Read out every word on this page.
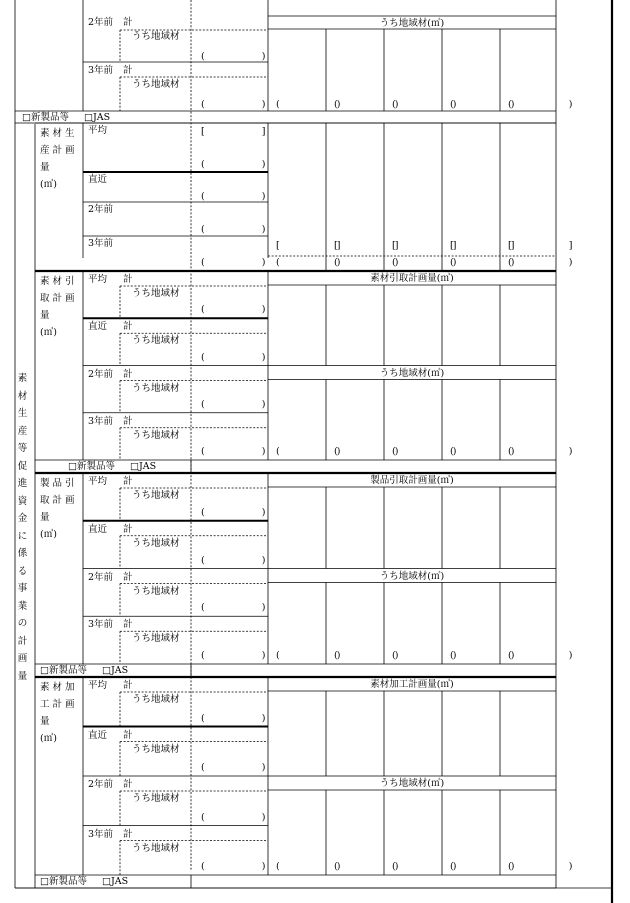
2年前 計
うち地域材
(　　　　　　)
3年前 計
うち地域材
(　　　　　　)
うち地域材(㎥)
(　　　　　　)
(　　　　　　)
(　　　　　　)
(　　　　　　)
(　　　　　　)
□新製品等 □JAS
素 材 生
産 計 画
量
(㎥)
平均
直近
2年前
3年前
[　　　　　　]
(　　　　　　)
(　　　　　　)
(　　　　　　)
(　　　　　　)
[　　　　　　]
(　　　　　　)
[　　　　　　]
(　　　　　　)
[　　　　　　]
(　　　　　　)
[　　　　　　]
(　　　　　　)
[　　　　　　]
(　　　　　　)
素 材 引
取 計 画
量
(㎥)
平均 計
うち地域材
(　　　　　　)
直近 計
うち地域材
(　　　　　　)
2年前 計
うち地域材
(　　　　　　)
3年前 計
うち地域材
(　　　　　　)
素材引取計画量(㎥)
うち地域材(㎥)
(　　　　　　)
(　　　　　　)
(　　　　　　)
(　　　　　　)
(　　　　　　)
□新製品等 □JAS
製 品 引
取 計 画
量
(㎥)
平均 計
うち地域材
(　　　　　　)
直近 計
うち地域材
(　　　　　　)
2年前 計
うち地域材
(　　　　　　)
3年前 計
うち地域材
(　　　　　　)
製品引取計画量(㎥)
うち地域材(㎥)
(　　　　　　)
(　　　　　　)
(　　　　　　)
(　　　　　　)
(　　　　　　)
□新製品等 □JAS
素 材 加
工 計 画
量
(㎥)
平均 計
うち地域材
(　　　　　　)
直近 計
うち地域材
(　　　　　　)
2年前 計
うち地域材
(　　　　　　)
3年前 計
うち地域材
(　　　　　　)
素材加工計画量(㎥)
うち地域材(㎥)
(　　　　　　)
(　　　　　　)
(　　　　　　)
(　　　　　　)
(　　　　　　)
□新製品等 □JAS
素
材
生
産
等
促
進
資
金
に
係
る
事
業
の
計
画
量
